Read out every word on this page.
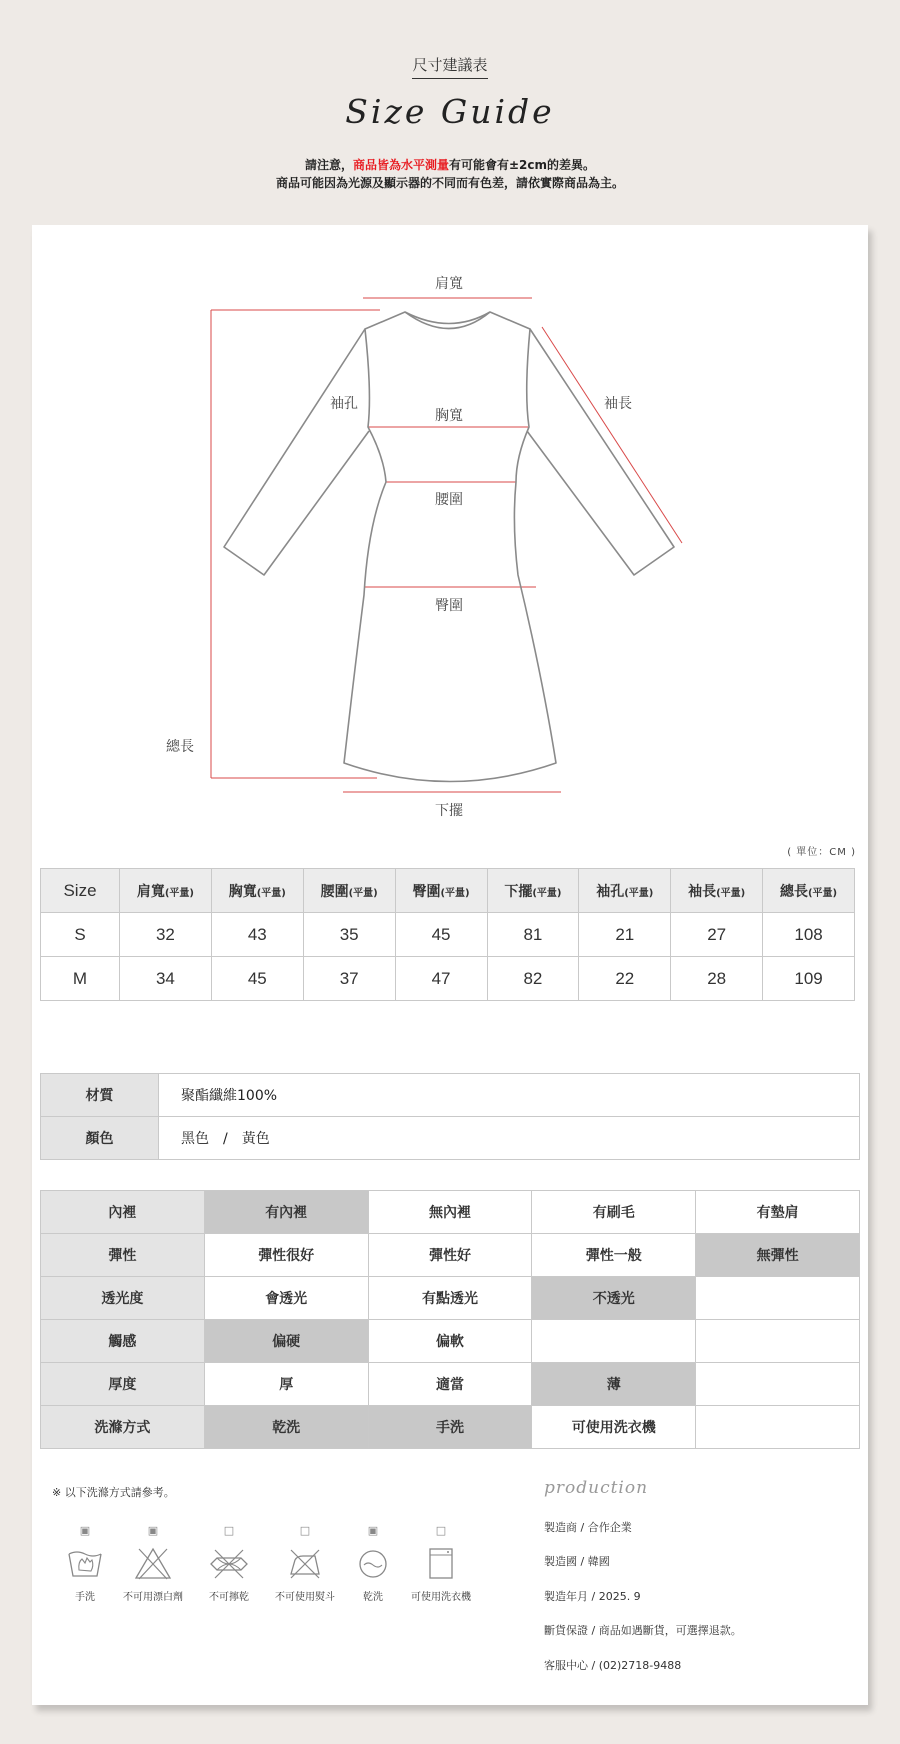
尺寸建議表
Size Guide
請注意，商品皆為水平測量有可能會有±2cm的差異。
商品可能因為光源及顯示器的不同而有色差，請依實際商品為主。
肩寬
袖孔	袖長
胸寬
腰圍
臀圍
總長
下擺
( 單位：CM )
Size	肩寬(平量)	胸寬(平量)	腰圍(平量)	臀圍(平量)	下擺(平量)	袖孔(平量)	袖長(平量)	總長(平量)
S	32	43	35	45	81	21	27	108
M	34	45	37	47	82	22	28	109
材質	聚酯纖維100%
顏色	黑色　/　黃色
內裡	有內裡	無內裡	有刷毛	有墊肩
彈性	彈性很好	彈性好	彈性一般	無彈性
透光度	會透光	有點透光	不透光	
觸感	偏硬	偏軟		
厚度	厚	適當	薄	
洗滌方式	乾洗	手洗	可使用洗衣機	
※ 以下洗滌方式請參考。
▣
手洗
▣
不可用漂白劑
□
不可擰乾
□
不可使用熨斗
▣
乾洗
□
可使用洗衣機
production
製造商 / 合作企業
製造國 / 韓國
製造年月 / 2025. 9
斷貨保證 / 商品如遇斷貨，可選擇退款。
客服中心 / (02)2718-9488
